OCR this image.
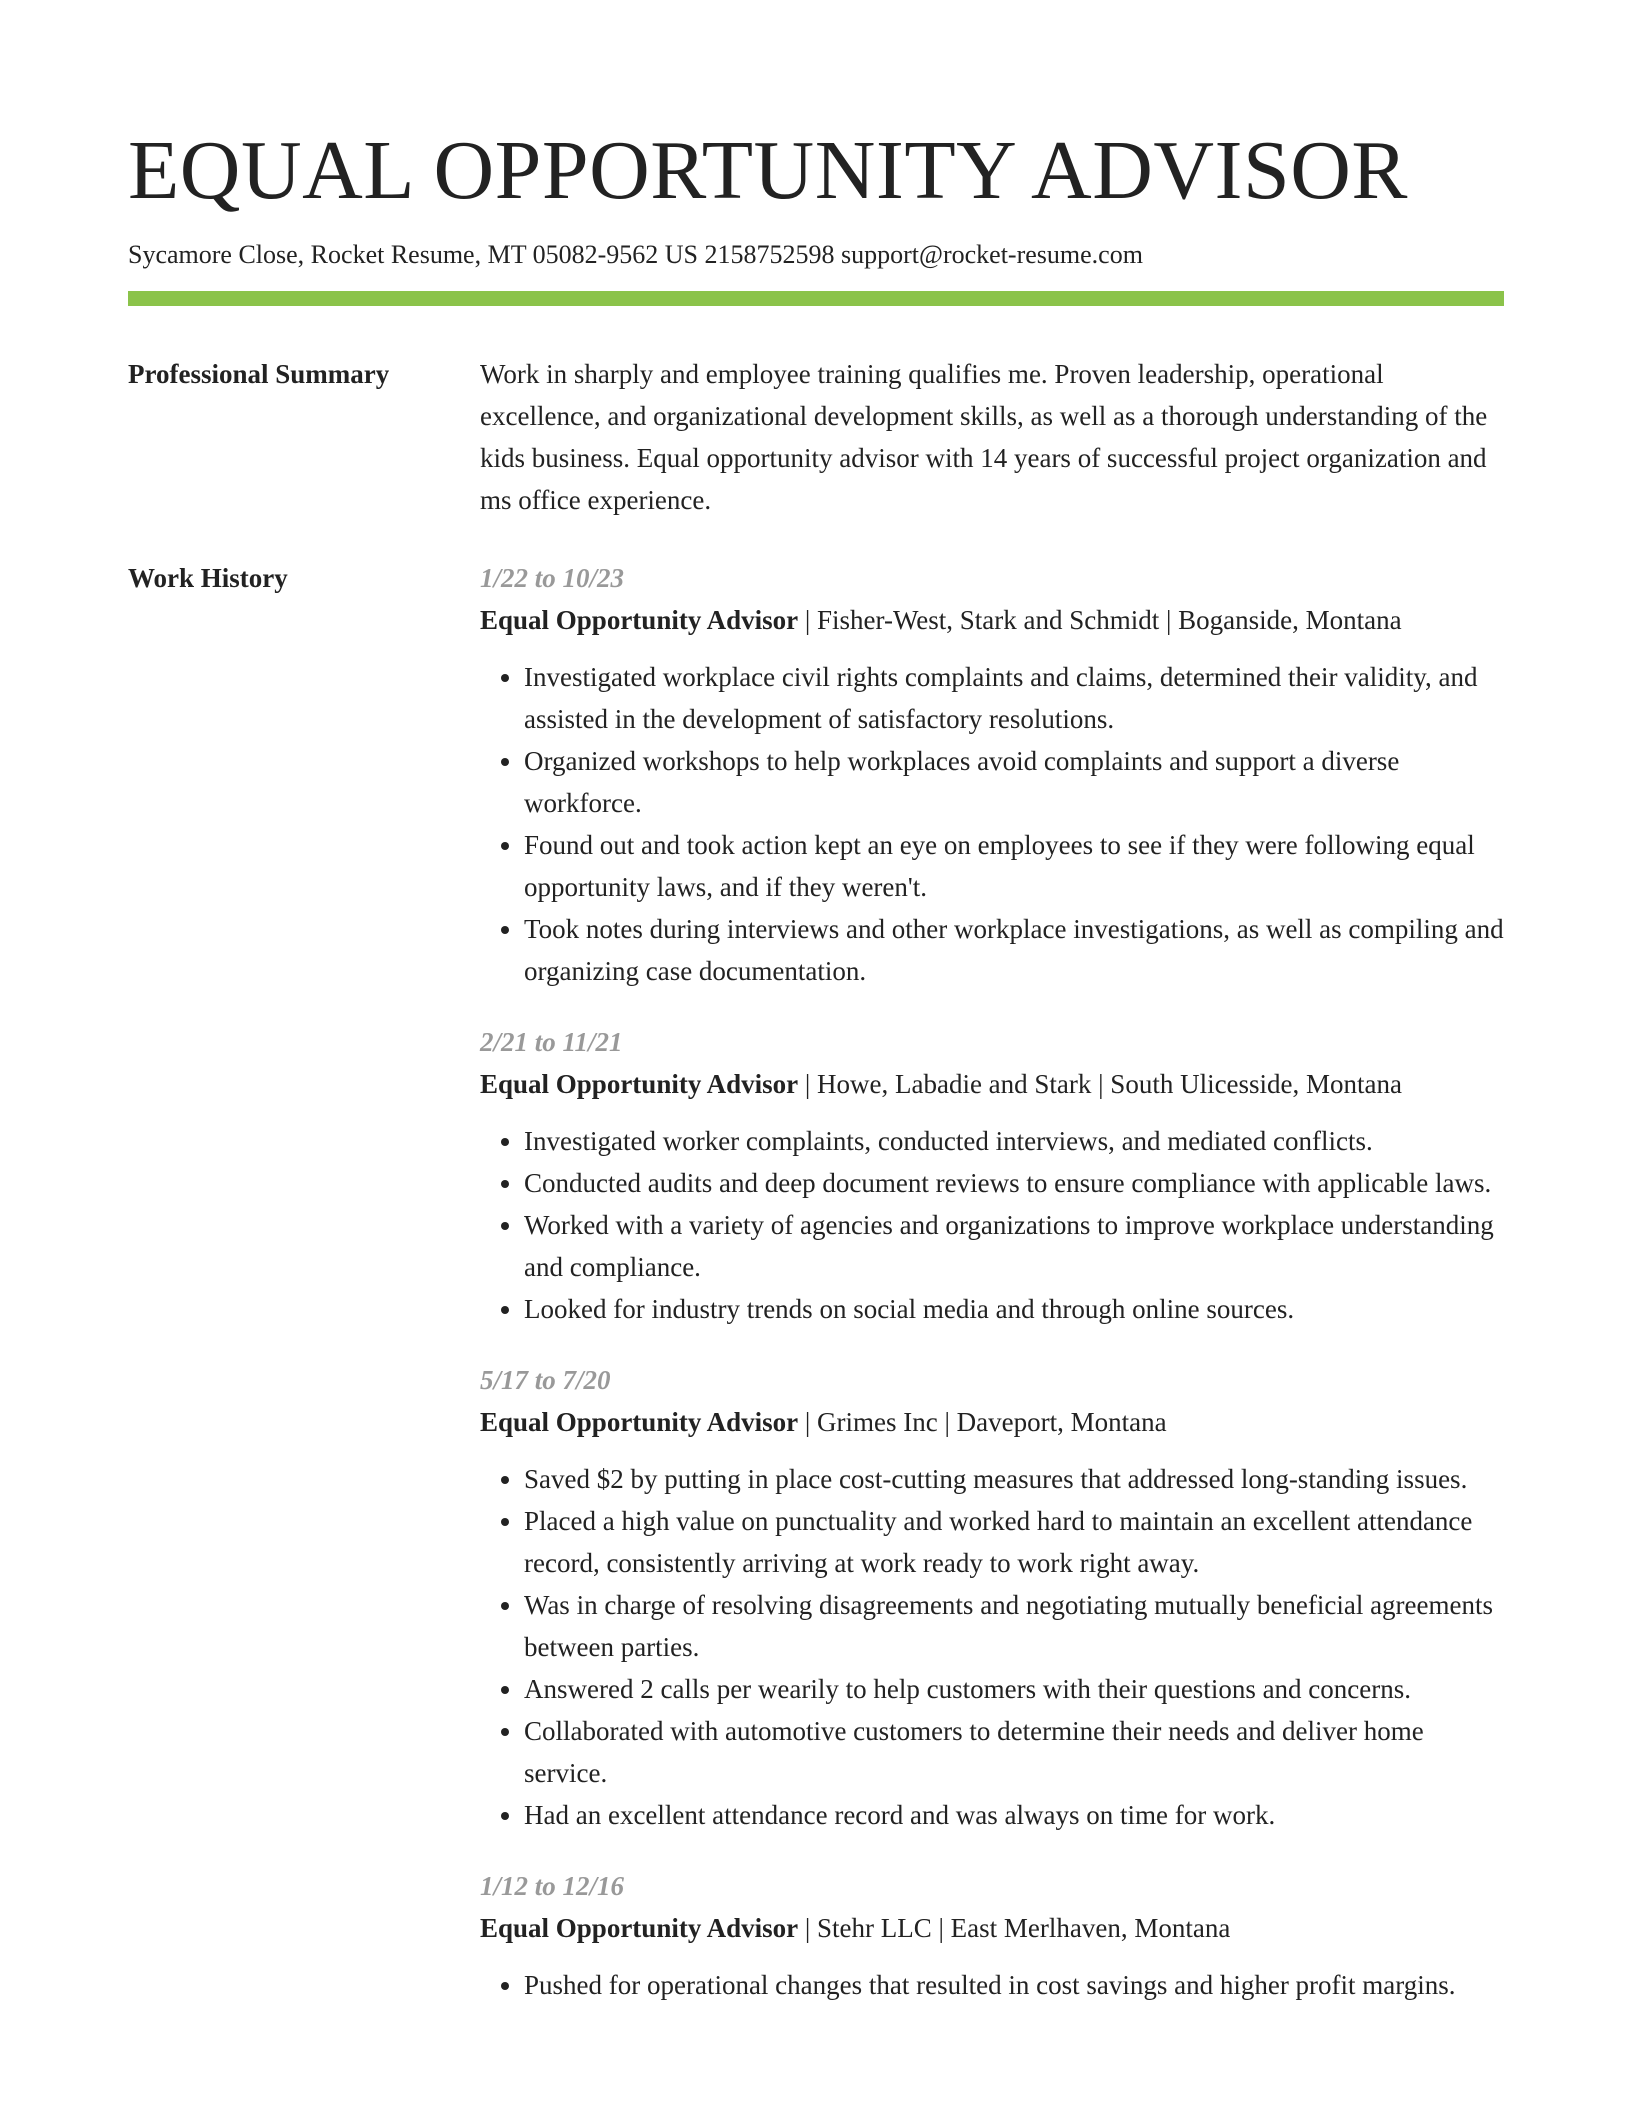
EQUAL OPPORTUNITY ADVISOR
Sycamore Close, Rocket Resume, MT 05082-9562 US 2158752598 support@rocket-resume.com
Professional Summary	Work in sharply and employee training qualifies me. Proven leadership, operational excellence, and organizational development skills, as well as a thorough understanding of the kids business. Equal opportunity advisor with 14 years of successful project organization and ms office experience.

Work History	1/22 to 10/23
Equal Opportunity Advisor | Fisher-West, Stark and Schmidt | Boganside, Montana
• Investigated workplace civil rights complaints and claims, determined their validity, and assisted in the development of satisfactory resolutions.
• Organized workshops to help workplaces avoid complaints and support a diverse workforce.
• Found out and took action kept an eye on employees to see if they were following equal opportunity laws, and if they weren't.
• Took notes during interviews and other workplace investigations, as well as compiling and organizing case documentation.
2/21 to 11/21
Equal Opportunity Advisor | Howe, Labadie and Stark | South Ulicesside, Montana
• Investigated worker complaints, conducted interviews, and mediated conflicts.
• Conducted audits and deep document reviews to ensure compliance with applicable laws.
• Worked with a variety of agencies and organizations to improve workplace understanding and compliance.
• Looked for industry trends on social media and through online sources.
5/17 to 7/20
Equal Opportunity Advisor | Grimes Inc | Daveport, Montana
• Saved $2 by putting in place cost-cutting measures that addressed long-standing issues.
• Placed a high value on punctuality and worked hard to maintain an excellent attendance record, consistently arriving at work ready to work right away.
• Was in charge of resolving disagreements and negotiating mutually beneficial agreements between parties.
• Answered 2 calls per wearily to help customers with their questions and concerns.
• Collaborated with automotive customers to determine their needs and deliver home service.
• Had an excellent attendance record and was always on time for work.
1/12 to 12/16
Equal Opportunity Advisor | Stehr LLC | East Merlhaven, Montana
• Pushed for operational changes that resulted in cost savings and higher profit margins.
